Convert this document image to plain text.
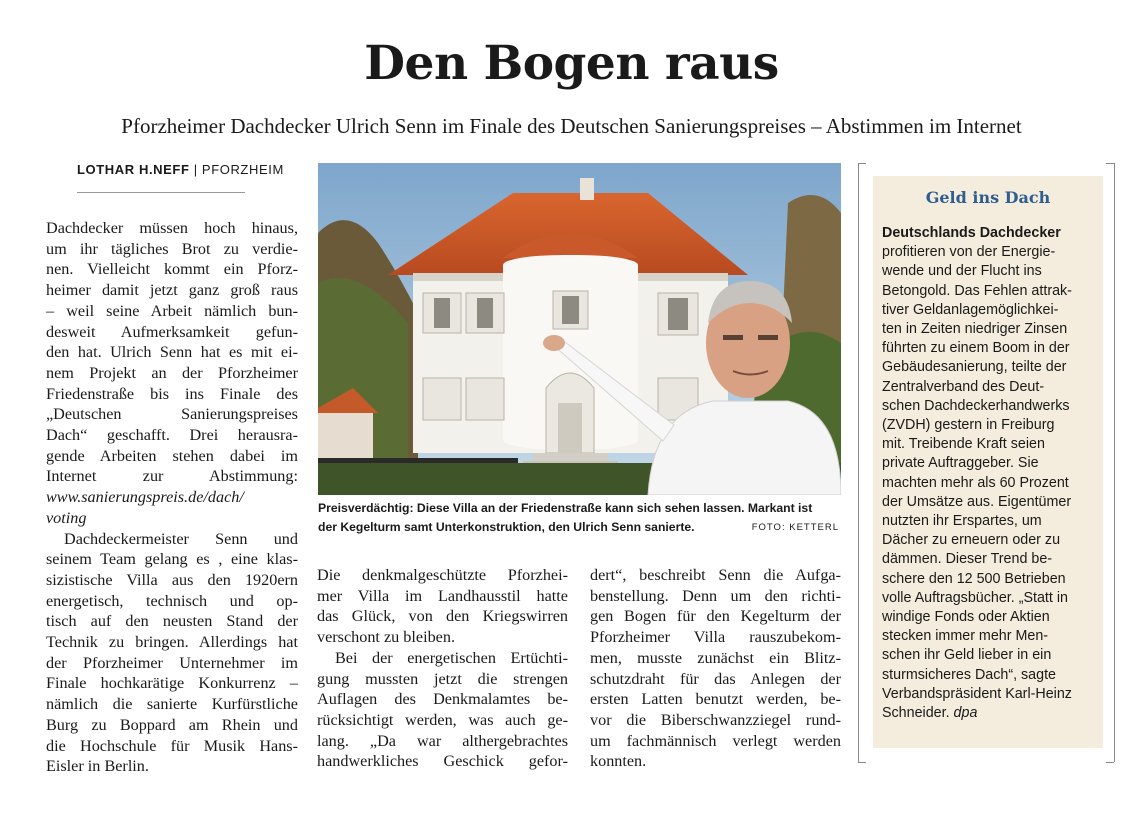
Den Bogen raus
Pforzheimer Dachdecker Ulrich Senn im Finale des Deutschen Sanierungspreises – Abstimmen im Internet
LOTHAR H.NEFF | PFORZHEIM
Dachdecker müssen hoch hinaus,
um ihr tägliches Brot zu verdie-
nen. Vielleicht kommt ein Pforz-
heimer damit jetzt ganz groß raus
– weil seine Arbeit nämlich bun-
desweit Aufmerksamkeit gefun-
den hat. Ulrich Senn hat es mit ei-
nem Projekt an der Pforzheimer
Friedenstraße bis ins Finale des
„Deutschen Sanierungspreises
Dach“ geschafft. Drei herausra-
gende Arbeiten stehen dabei im
Internet zur Abstimmung:
www.sanierungspreis.de/dach/
voting
Dachdeckermeister Senn und
seinem Team gelang es , eine klas-
sizistische Villa aus den 1920ern
energetisch, technisch und op-
tisch auf den neusten Stand der
Technik zu bringen. Allerdings hat
der Pforzheimer Unternehmer im
Finale hochkarätige Konkurrenz –
nämlich die sanierte Kurfürstliche
Burg zu Boppard am Rhein und
die Hochschule für Musik Hans-
Eisler in Berlin.
Preisverdächtig: Diese Villa an der Friedenstraße kann sich sehen lassen. Markant ist
der Kegelturm samt Unterkonstruktion, den Ulrich Senn sanierte.	FOTO: KETTERL
Die denkmalgeschützte Pforzhei-
mer Villa im Landhausstil hatte
das Glück, von den Kriegswirren
verschont zu bleiben.
Bei der energetischen Ertüchti-
gung mussten jetzt die strengen
Auflagen des Denkmalamtes be-
rücksichtigt werden, was auch ge-
lang. „Da war althergebrachtes
handwerkliches Geschick gefor-
dert“, beschreibt Senn die Aufga-
benstellung. Denn um den richti-
gen Bogen für den Kegelturm der
Pforzheimer Villa rauszubekom-
men, musste zunächst ein Blitz-
schutzdraht für das Anlegen der
ersten Latten benutzt werden, be-
vor die Biberschwanzziegel rund-
um fachmännisch verlegt werden
konnten.
Geld ins Dach
Deutschlands Dachdecker
profitieren von der Energie-
wende und der Flucht ins
Betongold. Das Fehlen attrak-
tiver Geldanlagemöglichkei-
ten in Zeiten niedriger Zinsen
führten zu einem Boom in der
Gebäudesanierung, teilte der
Zentralverband des Deut-
schen Dachdeckerhandwerks
(ZVDH) gestern in Freiburg
mit. Treibende Kraft seien
private Auftraggeber. Sie
machten mehr als 60 Prozent
der Umsätze aus. Eigentümer
nutzten ihr Erspartes, um
Dächer zu erneuern oder zu
dämmen. Dieser Trend be-
schere den 12 500 Betrieben
volle Auftragsbücher. „Statt in
windige Fonds oder Aktien
stecken immer mehr Men-
schen ihr Geld lieber in ein
sturmsicheres Dach“, sagte
Verbandspräsident Karl-Heinz
Schneider. dpa
